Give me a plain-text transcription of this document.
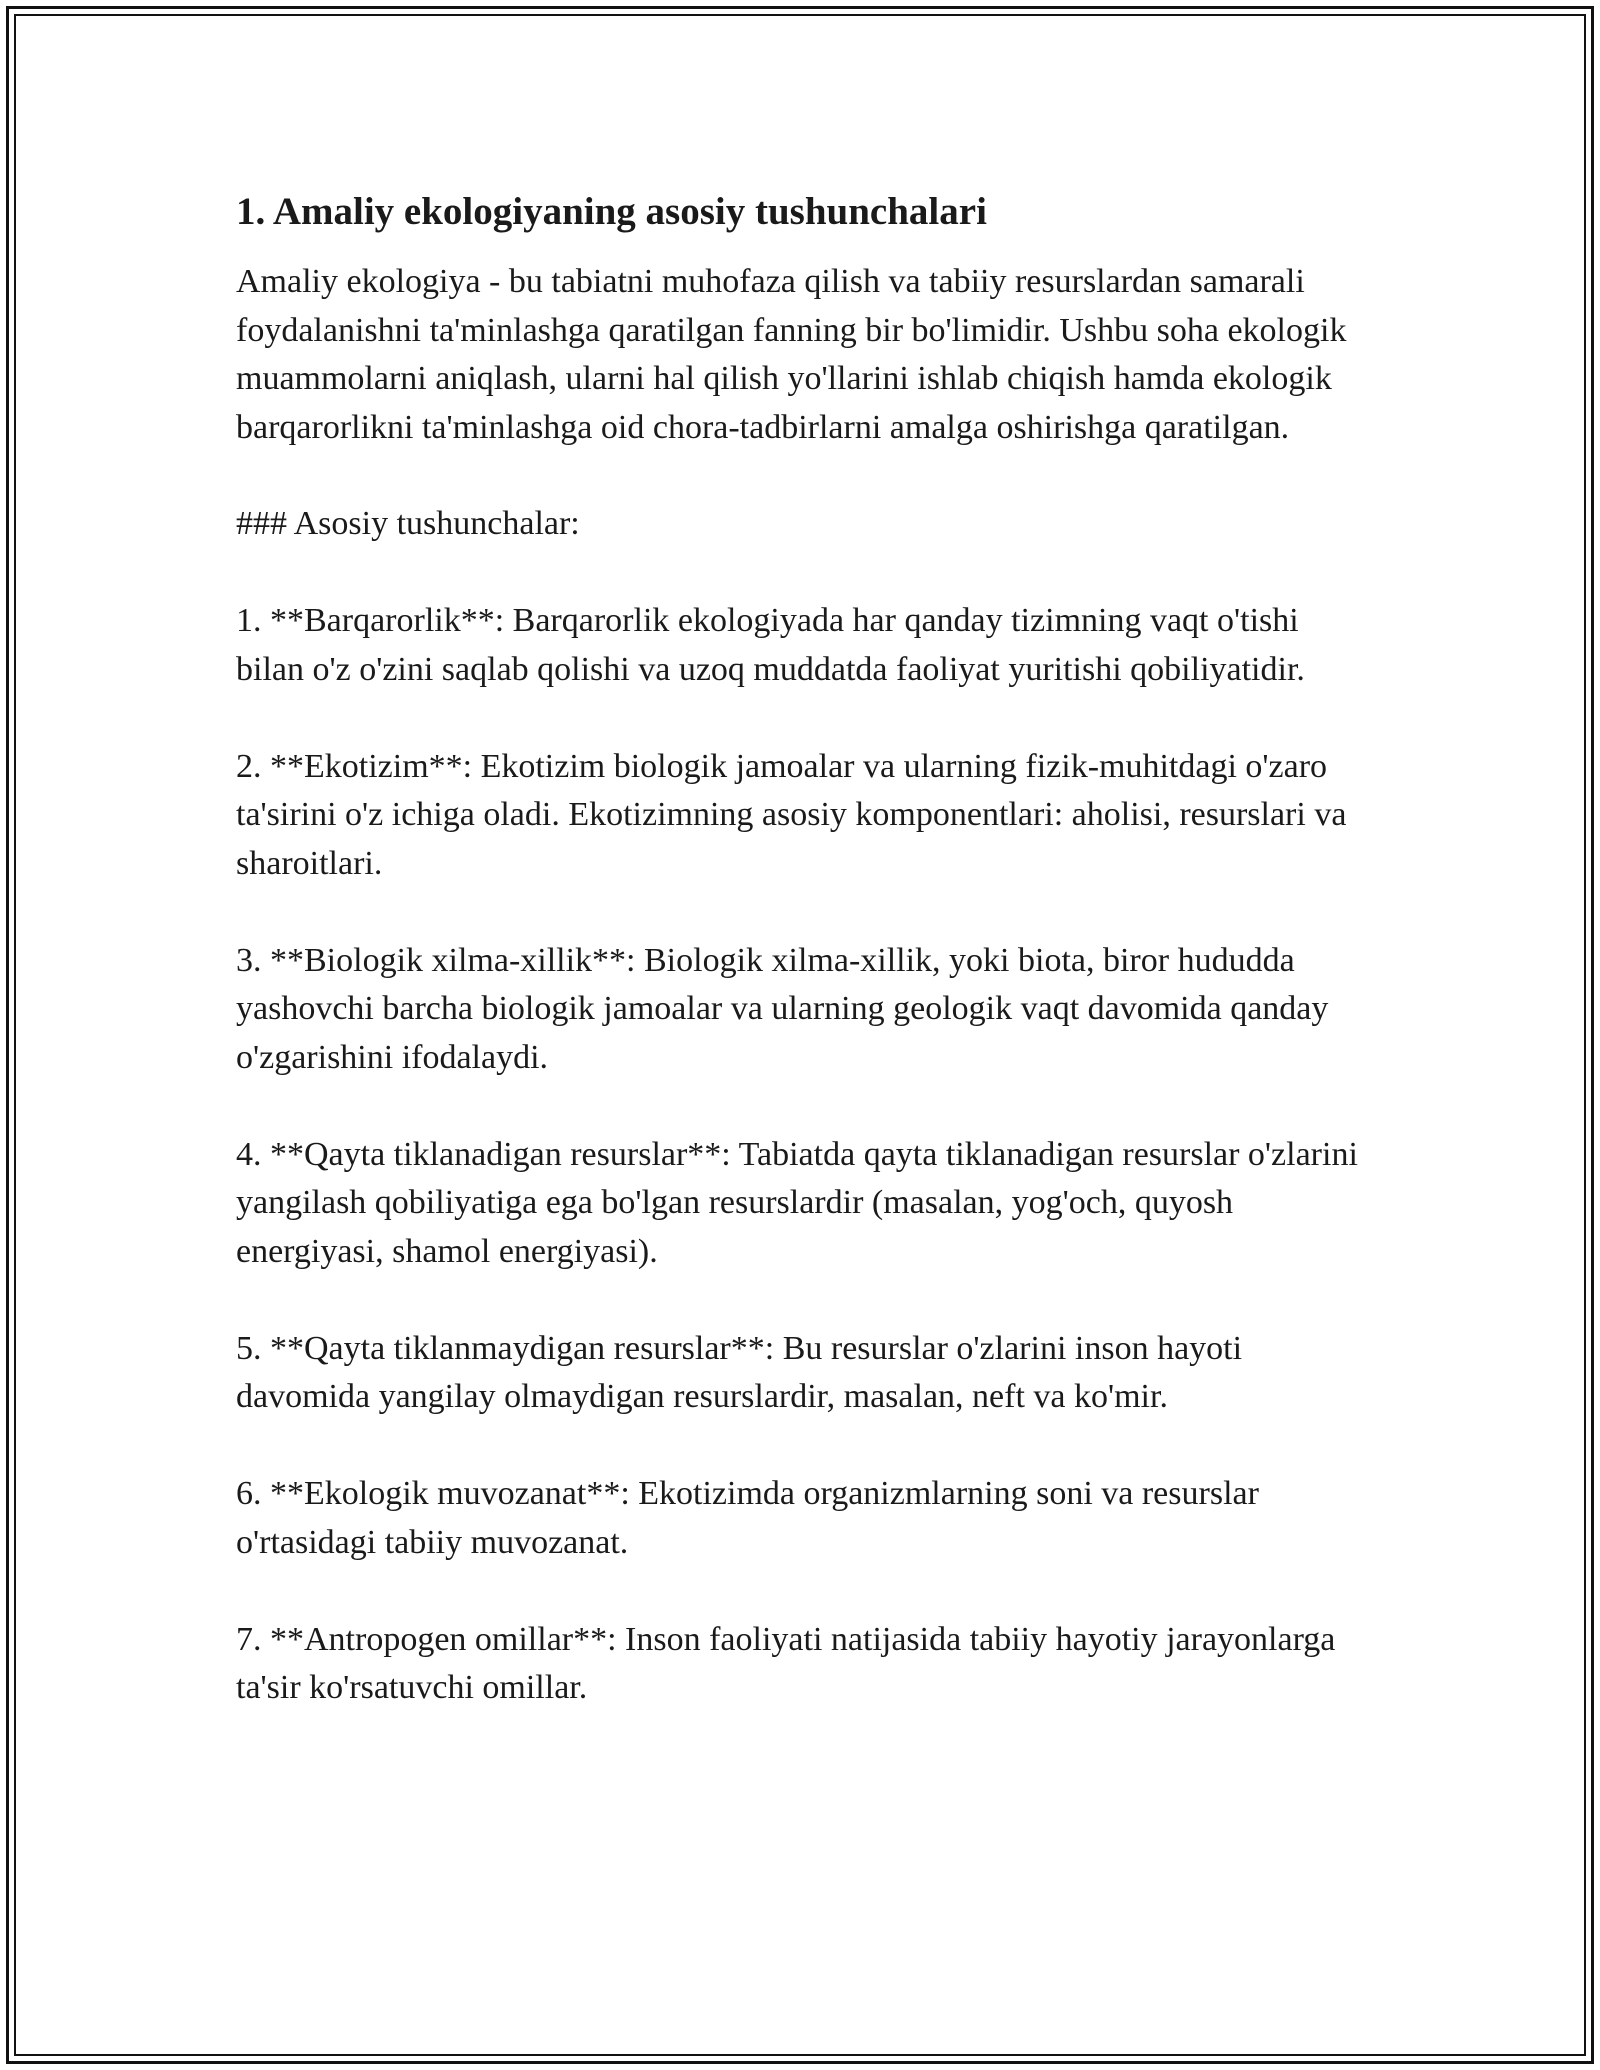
1. Amaliy ekologiyaning asosiy tushunchalari

Amaliy ekologiya - bu tabiatni muhofaza qilish va tabiiy resurslardan samarali foydalanishni ta'minlashga qaratilgan fanning bir bo'limidir. Ushbu soha ekologik muammolarni aniqlash, ularni hal qilish yo'llarini ishlab chiqish hamda ekologik barqarorlikni ta'minlashga oid chora-tadbirlarni amalga oshirishga qaratilgan.

### Asosiy tushunchalar:

1. **Barqarorlik**: Barqarorlik ekologiyada har qanday tizimning vaqt o'tishi bilan o'z o'zini saqlab qolishi va uzoq muddatda faoliyat yuritishi qobiliyatidir.

2. **Ekotizim**: Ekotizim biologik jamoalar va ularning fizik-muhitdagi o'zaro ta'sirini o'z ichiga oladi. Ekotizimning asosiy komponentlari: aholisi, resurslari va sharoitlari.

3. **Biologik xilma-xillik**: Biologik xilma-xillik, yoki biota, biror hududda yashovchi barcha biologik jamoalar va ularning geologik vaqt davomida qanday o'zgarishini ifodalaydi.

4. **Qayta tiklanadigan resurslar**: Tabiatda qayta tiklanadigan resurslar o'zlarini yangilash qobiliyatiga ega bo'lgan resurslardir (masalan, yog'och, quyosh energiyasi, shamol energiyasi).

5. **Qayta tiklanmaydigan resurslar**: Bu resurslar o'zlarini inson hayoti davomida yangilay olmaydigan resurslardir, masalan, neft va ko'mir.

6. **Ekologik muvozanat**: Ekotizimda organizmlarning soni va resurslar o'rtasidagi tabiiy muvozanat.

7. **Antropogen omillar**: Inson faoliyati natijasida tabiiy hayotiy jarayonlarga ta'sir ko'rsatuvchi omillar.
